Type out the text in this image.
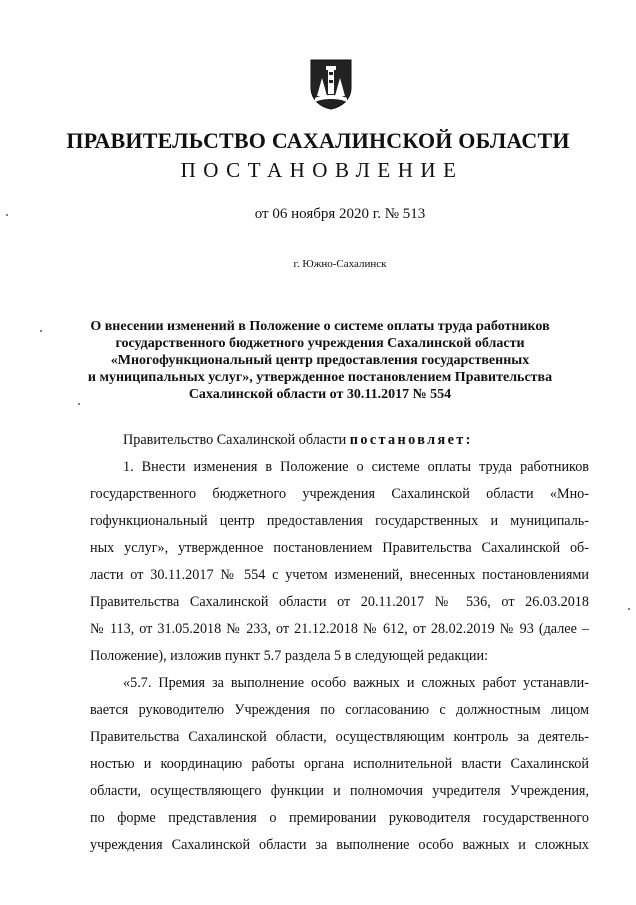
ПРАВИТЕЛЬСТВО САХАЛИНСКОЙ ОБЛАСТИ
ПОСТАНОВЛЕНИЕ
от 06 ноября 2020 г. № 513
г. Южно-Сахалинск
О внесении изменений в Положение о системе оплаты труда работников
государственного бюджетного учреждения Сахалинской области
«Многофункциональный центр предоставления государственных
и муниципальных услуг», утвержденное постановлением Правительства
Сахалинской области от 30.11.2017 № 554
Правительство Сахалинской области постановляет:
1. Внести изменения в Положение о системе оплаты труда работников
государственного бюджетного учреждения Сахалинской области «Мно-
гофункциональный центр предоставления государственных и муниципаль-
ных услуг», утвержденное постановлением Правительства Сахалинской об-
ласти от 30.11.2017 № 554 с учетом изменений, внесенных постановлениями
Правительства Сахалинской области от 20.11.2017 № 536, от 26.03.2018
№ 113, от 31.05.2018 № 233, от 21.12.2018 № 612, от 28.02.2019 № 93 (далее –
Положение), изложив пункт 5.7 раздела 5 в следующей редакции:
«5.7. Премия за выполнение особо важных и сложных работ устанавли-
вается руководителю Учреждения по согласованию с должностным лицом
Правительства Сахалинской области, осуществляющим контроль за деятель-
ностью и координацию работы органа исполнительной власти Сахалинской
области, осуществляющего функции и полномочия учредителя Учреждения,
по форме представления о премировании руководителя государственного
учреждения Сахалинской области за выполнение особо важных и сложных
